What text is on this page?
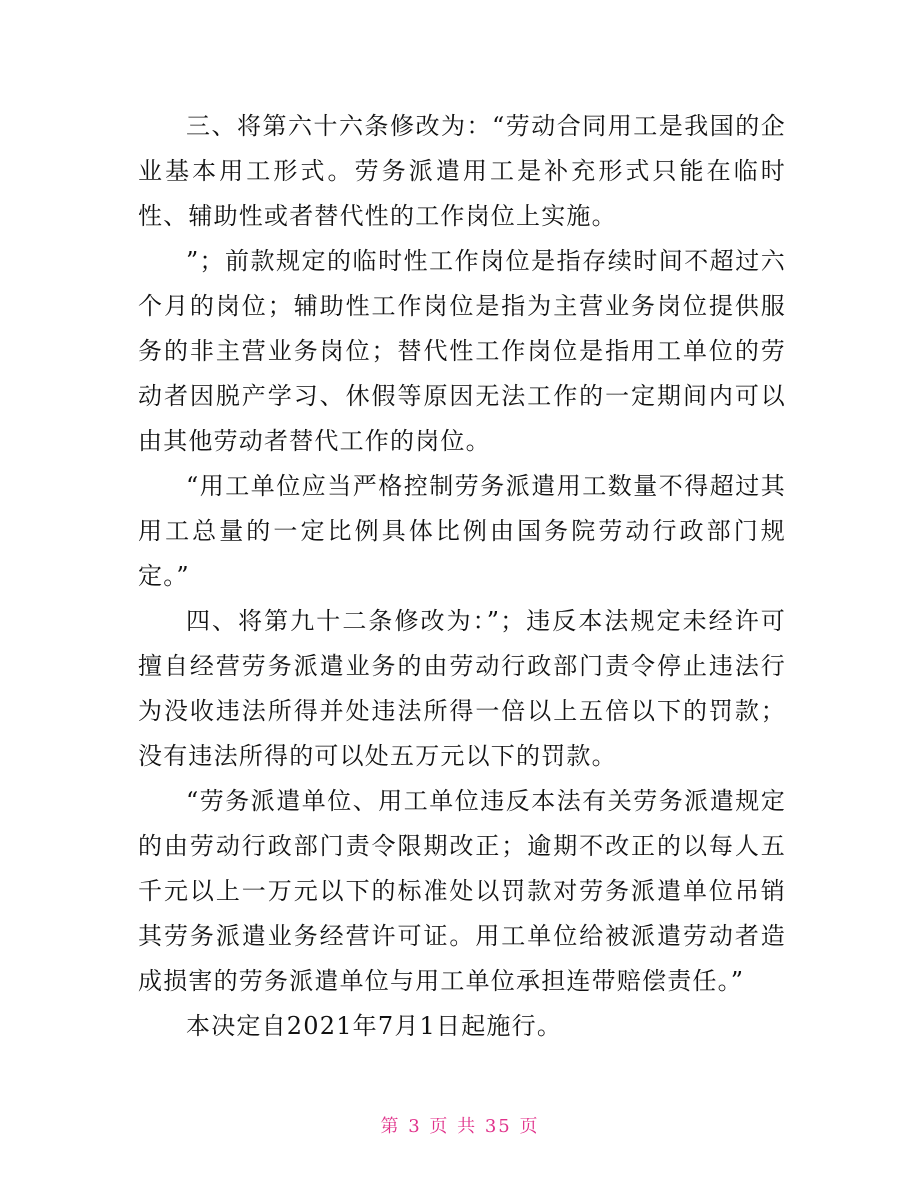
三、将第六十六条修改为：“劳动合同用工是我国的企业基本用工形式。劳务派遣用工是补充形式只能在临时性、辅助性或者替代性的工作岗位上实施。

”；前款规定的临时性工作岗位是指存续时间不超过六个月的岗位；辅助性工作岗位是指为主营业务岗位提供服务的非主营业务岗位；替代性工作岗位是指用工单位的劳动者因脱产学习、休假等原因无法工作的一定期间内可以由其他劳动者替代工作的岗位。

“用工单位应当严格控制劳务派遣用工数量不得超过其用工总量的一定比例具体比例由国务院劳动行政部门规定。”

四、将第九十二条修改为：”；违反本法规定未经许可擅自经营劳务派遣业务的由劳动行政部门责令停止违法行为没收违法所得并处违法所得一倍以上五倍以下的罚款；没有违法所得的可以处五万元以下的罚款。

“劳务派遣单位、用工单位违反本法有关劳务派遣规定的由劳动行政部门责令限期改正；逾期不改正的以每人五千元以上一万元以下的标准处以罚款对劳务派遣单位吊销其劳务派遣业务经营许可证。用工单位给被派遣劳动者造成损害的劳务派遣单位与用工单位承担连带赔偿责任。”

本决定自2021年7月1日起施行。

第 3 页 共 35 页
